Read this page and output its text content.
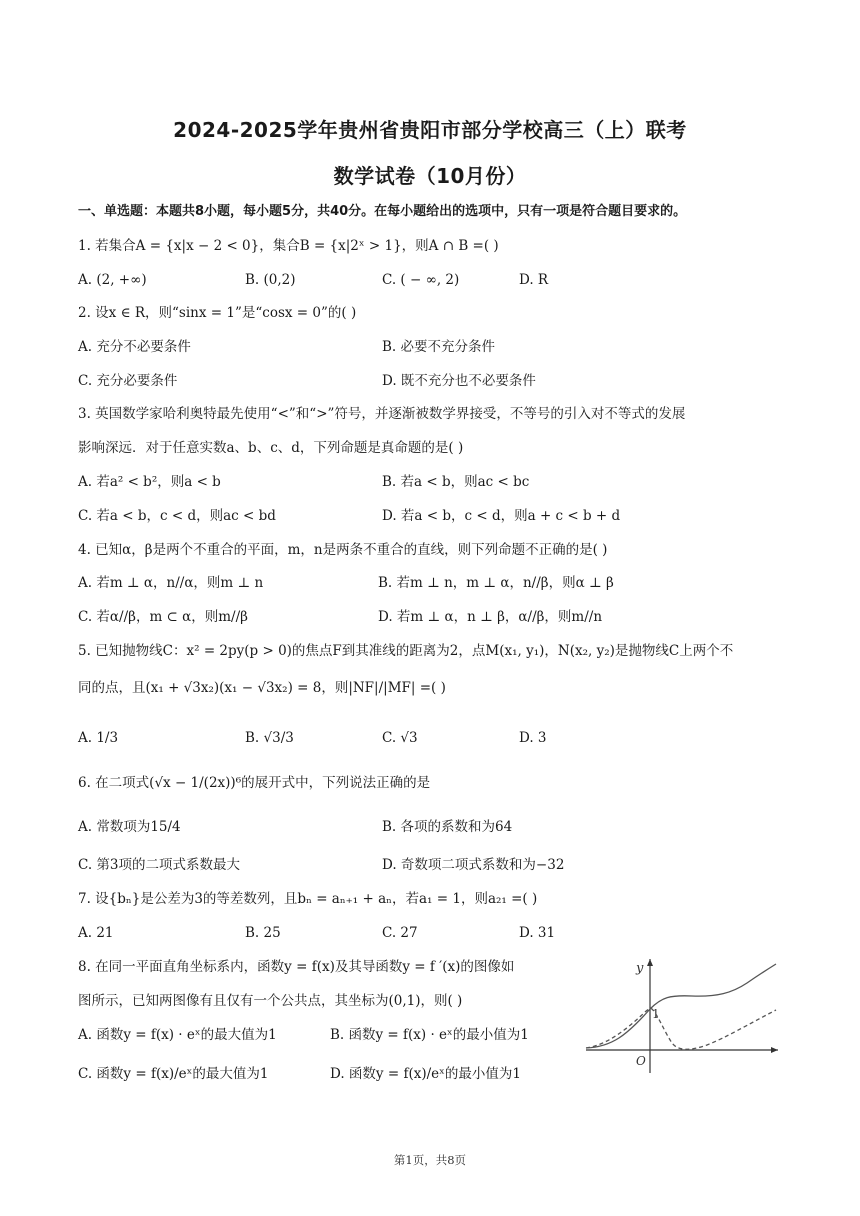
2024-2025学年贵州省贵阳市部分学校高三（上）联考
数学试卷（10月份）
一、单选题：本题共8小题，每小题5分，共40分。在每小题给出的选项中，只有一项是符合题目要求的。
1. 若集合A = {x|x − 2 < 0}，集合B = {x|2ˣ > 1}，则A ∩ B =( )
A. (2, +∞)	B. (0,2)	C. ( − ∞, 2)	D. R
2. 设x ∈ R，则“sinx = 1”是“cosx = 0”的( )
A. 充分不必要条件	B. 必要不充分条件
C. 充分必要条件	D. 既不充分也不必要条件
3. 英国数学家哈利奥特最先使用“<”和“>”符号，并逐渐被数学界接受，不等号的引入对不等式的发展
影响深远．对于任意实数a、b、c、d，下列命题是真命题的是( )
A. 若a² < b²，则a < b	B. 若a < b，则ac < bc
C. 若a < b，c < d，则ac < bd	D. 若a < b，c < d，则a + c < b + d
4. 已知α，β是两个不重合的平面，m，n是两条不重合的直线，则下列命题不正确的是( )
A. 若m ⊥ α，n//α，则m ⊥ n	B. 若m ⊥ n，m ⊥ α，n//β，则α ⊥ β
C. 若α//β，m ⊂ α，则m//β	D. 若m ⊥ α，n ⊥ β，α//β，则m//n
5. 已知抛物线C：x² = 2py(p > 0)的焦点F到其准线的距离为2，点M(x₁, y₁)，N(x₂, y₂)是抛物线C上两个不
同的点，且(x₁ + √3x₂)(x₁ − √3x₂) = 8，则|NF|/|MF| =( )
A. 1/3	B. √3/3	C. √3	D. 3
6. 在二项式(√x − 1/(2x))⁶的展开式中，下列说法正确的是
A. 常数项为15/4	B. 各项的系数和为64
C. 第3项的二项式系数最大	D. 奇数项二项式系数和为−32
7. 设{bₙ}是公差为3的等差数列，且bₙ = aₙ₊₁ + aₙ，若a₁ = 1，则a₂₁ =( )
A. 21	B. 25	C. 27	D. 31
8. 在同一平面直角坐标系内，函数y = f(x)及其导函数y = f ′(x)的图像如
图所示，已知两图像有且仅有一个公共点，其坐标为(0,1)，则( )
A. 函数y = f(x) · eˣ的最大值为1	B. 函数y = f(x) · eˣ的最小值为1
C. 函数y = f(x)/eˣ的最大值为1	D. 函数y = f(x)/eˣ的最小值为1
y
1
O
第1页，共8页
